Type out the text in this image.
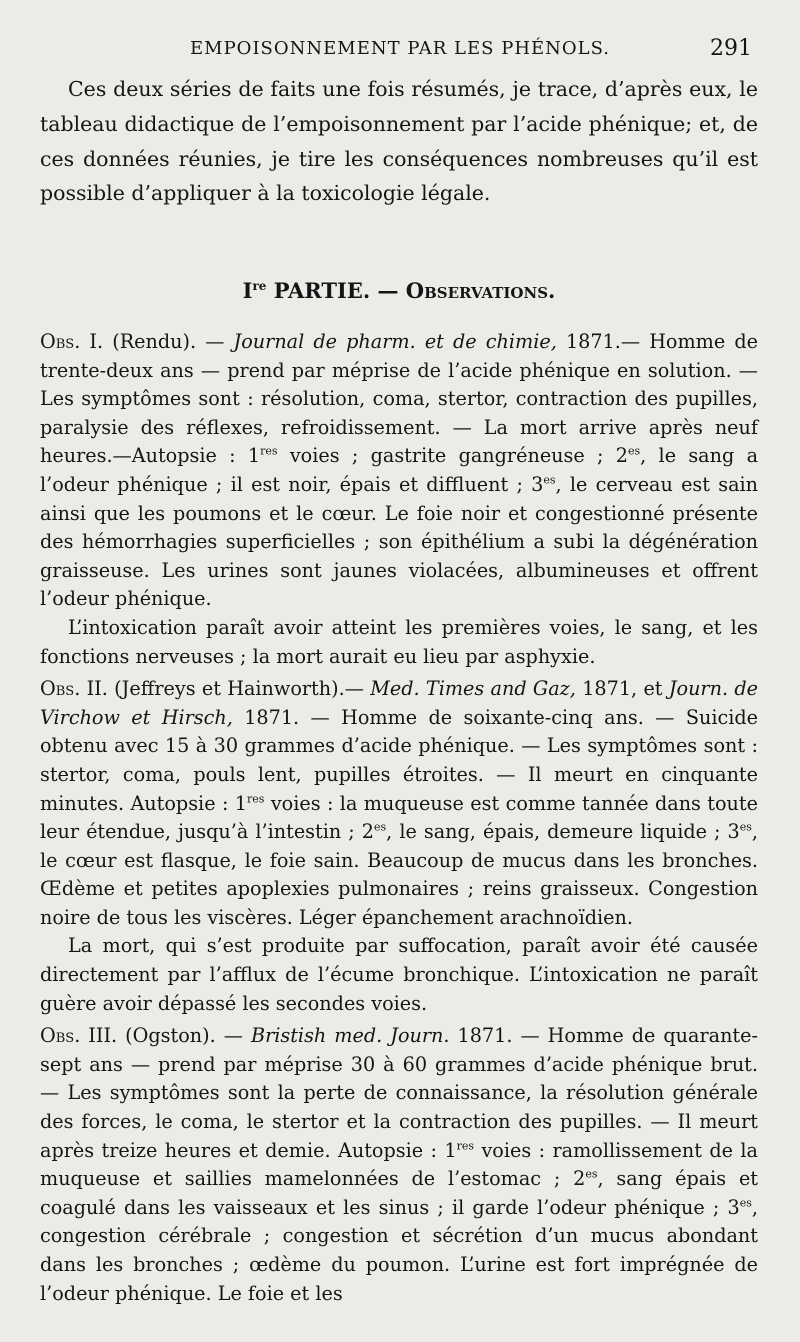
EMPOISONNEMENT PAR LES PHÉNOLS.	291

Ces deux séries de faits une fois résumés, je trace, d’après eux, le tableau didactique de l’empoisonnement par l’acide phénique; et, de ces données réunies, je tire les conséquences nombreuses qu’il est possible d’appliquer à la toxicologie légale.

Ire PARTIE. — Observations.

Obs. I. (Rendu). — Journal de pharm. et de chimie, 1871.— Homme de trente-deux ans — prend par méprise de l’acide phénique en solution. — Les symptômes sont : résolution, coma, stertor, contraction des pupilles, paralysie des réflexes, refroidissement. — La mort arrive après neuf heures.—Autopsie : 1res voies ; gastrite gangréneuse ; $2^{es}$, le sang a l’odeur phénique ; il est noir, épais et diffluent ; $3^{es}$, le cerveau est sain ainsi que les poumons et le cœur. Le foie noir et congestionné présente des hémorrhagies superficielles ; son épithélium a subi la dégénération graisseuse. Les urines sont jaunes violacées, albumineuses et offrent l’odeur phénique.

L’intoxication paraît avoir atteint les premières voies, le sang, et les fonctions nerveuses ; la mort aurait eu lieu par asphyxie.

Obs. II. (Jeffreys et Hainworth).— Med. Times and Gaz, 1871, et Journ. de Virchow et Hirsch, 1871. — Homme de soixante-cinq ans. — Suicide obtenu avec 15 à 30 grammes d’acide phénique. — Les symptômes sont : stertor, coma, pouls lent, pupilles étroites. — Il meurt en cinquante minutes. Autopsie : 1res voies : la muqueuse est comme tannée dans toute leur étendue, jusqu’à l’intestin ; $2^{es}$, le sang, épais, demeure liquide ; $3^{es}$, le cœur est flasque, le foie sain. Beaucoup de mucus dans les bronches. Œdème et petites apoplexies pulmonaires ; reins graisseux. Congestion noire de tous les viscères. Léger épanchement arachnoïdien.

La mort, qui s’est produite par suffocation, paraît avoir été causée directement par l’afflux de l’écume bronchique. L’intoxication ne paraît guère avoir dépassé les secondes voies.

Obs. III. (Ogston). — Bristish med. Journ. 1871. — Homme de quarante-sept ans — prend par méprise 30 à 60 grammes d’acide phénique brut. — Les symptômes sont la perte de connaissance, la résolution générale des forces, le coma, le stertor et la contraction des pupilles. — Il meurt après treize heures et demie. Autopsie : 1res voies : ramollissement de la muqueuse et saillies mamelonnées de l’estomac ; $2^{es}$, sang épais et coagulé dans les vaisseaux et les sinus ; il garde l’odeur phénique ; $3^{es}$, congestion cérébrale ; congestion et sécrétion d’un mucus abondant dans les bronches ; œdème du poumon. L’urine est fort imprégnée de l’odeur phénique. Le foie et les
